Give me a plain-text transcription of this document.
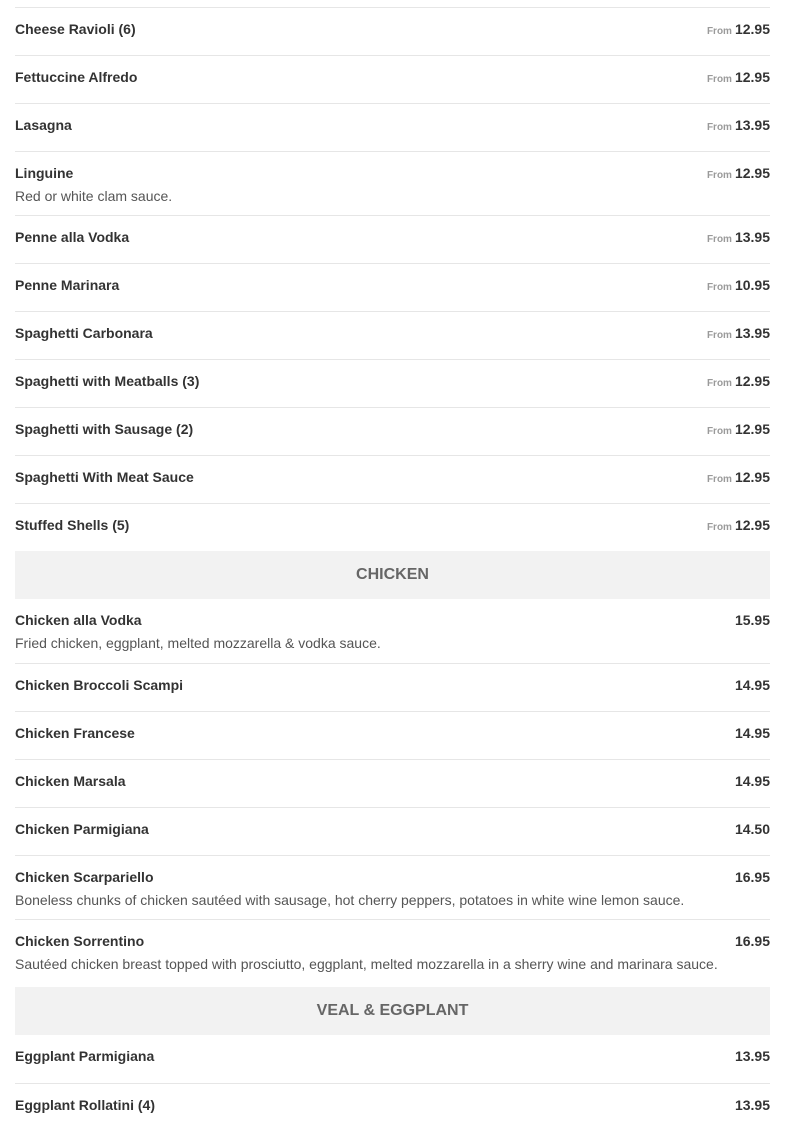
Cheese Ravioli (6)	From 12.95
Fettuccine Alfredo	From 12.95
Lasagna	From 13.95
Linguine	From 12.95
Red or white clam sauce.
Penne alla Vodka	From 13.95
Penne Marinara	From 10.95
Spaghetti Carbonara	From 13.95
Spaghetti with Meatballs (3)	From 12.95
Spaghetti with Sausage (2)	From 12.95
Spaghetti With Meat Sauce	From 12.95
Stuffed Shells (5)	From 12.95
CHICKEN
Chicken alla Vodka	15.95
Fried chicken, eggplant, melted mozzarella & vodka sauce.
Chicken Broccoli Scampi	14.95
Chicken Francese	14.95
Chicken Marsala	14.95
Chicken Parmigiana	14.50
Chicken Scarpariello	16.95
Boneless chunks of chicken sautéed with sausage, hot cherry peppers, potatoes in white wine lemon sauce.
Chicken Sorrentino	16.95
Sautéed chicken breast topped with prosciutto, eggplant, melted mozzarella in a sherry wine and marinara sauce.
VEAL & EGGPLANT
Eggplant Parmigiana	13.95
Eggplant Rollatini (4)	13.95
